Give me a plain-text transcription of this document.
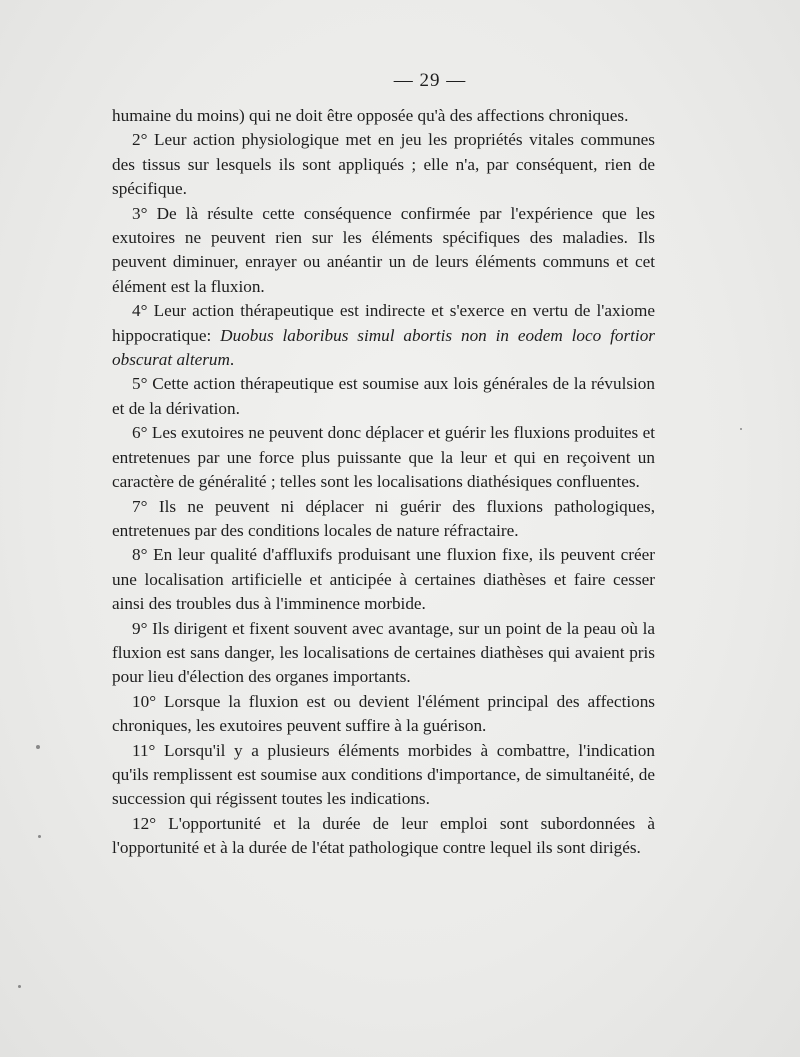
— 29 —

humaine du moins) qui ne doit être opposée qu'à des affections chroniques.

2° Leur action physiologique met en jeu les propriétés vitales communes des tissus sur lesquels ils sont appliqués ; elle n'a, par conséquent, rien de spécifique.

3° De là résulte cette conséquence confirmée par l'expérience que les exutoires ne peuvent rien sur les éléments spécifiques des maladies. Ils peuvent diminuer, enrayer ou anéantir un de leurs éléments communs et cet élément est la fluxion.

4° Leur action thérapeutique est indirecte et s'exerce en vertu de l'axiome hippocratique: Duobus laboribus simul abortis non in eodem loco fortior obscurat alterum.

5° Cette action thérapeutique est soumise aux lois générales de la révulsion et de la dérivation.

6° Les exutoires ne peuvent donc déplacer et guérir les fluxions produites et entretenues par une force plus puissante que la leur et qui en reçoivent un caractère de généralité ; telles sont les localisations diathésiques confluentes.

7° Ils ne peuvent ni déplacer ni guérir des fluxions pathologiques, entretenues par des conditions locales de nature réfractaire.

8° En leur qualité d'affluxifs produisant une fluxion fixe, ils peuvent créer une localisation artificielle et anticipée à certaines diathèses et faire cesser ainsi des troubles dus à l'imminence morbide.

9° Ils dirigent et fixent souvent avec avantage, sur un point de la peau où la fluxion est sans danger, les localisations de certaines diathèses qui avaient pris pour lieu d'élection des organes importants.

10° Lorsque la fluxion est ou devient l'élément principal des affections chroniques, les exutoires peuvent suffire à la guérison.

11° Lorsqu'il y a plusieurs éléments morbides à combattre, l'indication qu'ils remplissent est soumise aux conditions d'importance, de simultanéité, de succession qui régissent toutes les indications.

12° L'opportunité et la durée de leur emploi sont subordonnées à l'opportunité et à la durée de l'état pathologique contre lequel ils sont dirigés.
